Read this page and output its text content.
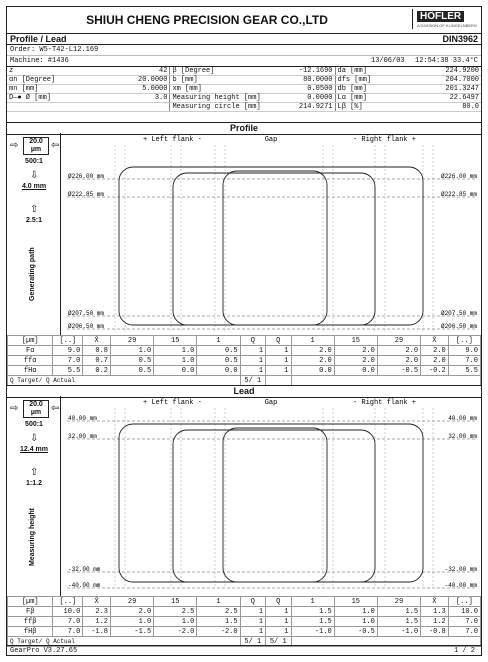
SHIUH CHENG PRECISION GEAR CO.,LTD	HÖFLER
A DIVISION OF KLINGELNBERG
Profile / Lead	DIN3962
Order: W5-T42-L12.169
Machine: #1436	13/06/03 12:54:38 33.4°C
z	42	β [Degree]	-12.1690	da [mm]	224.9200
αn [Degree]	20.0000	b [mm]	80.0000	dfs [mm]	204.7000
mn [mm]	5.0000	xm [mm]	0.0500	db [mm]	201.3247
D—● Ø [mm]	3.0	Measuring height [mm]	0.0000	Lα [mm]	22.6497
		Measuring circle [mm]	214.9271	Lβ [%]	80.0
Profile
⇨	20.0 µm ⇦
500:1
⇩
4.0 mm
⇧
2.5:1
Generating path
+ Left flank -	Gap	- Right flank +
Ø226.00 mm	Ø226.00 mm
Ø222.85 mm	Ø222.85 mm
Ø207.50 mm	Ø207.50 mm
Ø206.50 mm	Ø206.50 mm
[µm]	[..]	X̄	29	15	1	Q	Q	1	15	29	X̄	[..]
Fα	9.0	0.8	1.0	1.0	0.5	1	1	2.0	2.0	2.0	2.0	9.0
ffα	7.0	0.7	0.5	1.0	0.5	1	1	2.0	2.0	2.0	2.0	7.0
fHα	5.5	0.2	0.5	0.0	0.0	1	1	0.0	0.0	-0.5	-0.2	5.5
Q Target/ Q Actual						5/ 1						
Lead
⇨	20.0 µm ⇦
500:1
⇩
12.4 mm
⇧
1:1.2
Measuring height
+ Left flank -	Gap	- Right flank +
40.00 mm	40.00 mm
32.00 mm	32.00 mm
-32.00 mm	-32.00 mm
-40.00 mm	-40.00 mm
[µm]	[..]	X̄	29	15	1	Q	Q	1	15	29	X̄	[..]
Fβ	10.0	2.3	2.0	2.5	2.5	1	1	1.5	1.0	1.5	1.3	10.0
ffβ	7.0	1.2	1.0	1.0	1.5	1	1	1.5	1.0	1.5	1.2	7.0
fHβ	7.0	-1.8	-1.5	-2.0	-2.0	1	1	-1.0	-0.5	-1.0	-0.8	7.0
Q Target/ Q Actual						5/ 1	5/ 1					
GearPro V3.27.65	1 / 2
